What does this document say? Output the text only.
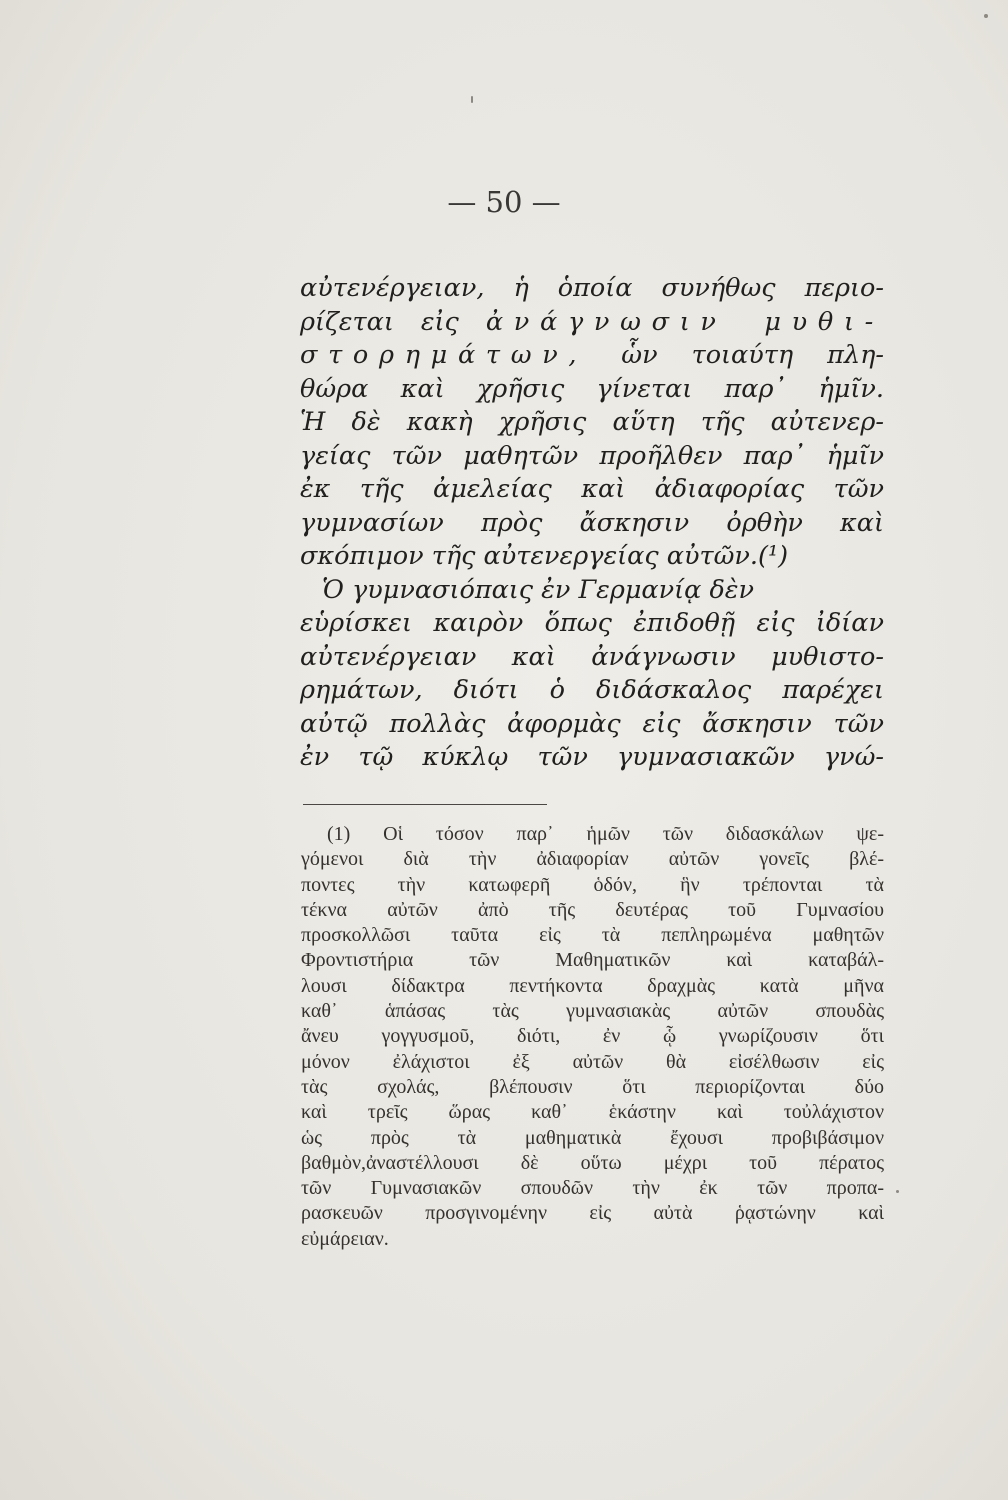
— 50 —
αὐτενέργειαν, ἡ ὁποία συνήθως περιο-
ρίζεται εἰς ἀνάγνωσιν μυθι-
στορημάτων, ὧν τοιαύτη πλη-
θώρα καὶ χρῆσις γίνεται παρ᾽ ἡμῖν.
Ἡ δὲ κακὴ χρῆσις αὕτη τῆς αὐτενερ-
γείας τῶν μαθητῶν προῆλθεν παρ᾽ ἡμῖν
ἐκ τῆς ἀμελείας καὶ ἀδιαφορίας τῶν
γυμνασίων πρὸς ἄσκησιν ὀρθὴν καὶ
σκόπιμον τῆς αὐτενεργείας αὐτῶν.(¹)
Ὁ γυμνασιόπαις ἐν Γερμανίᾳ δὲν
εὑρίσκει καιρὸν ὅπως ἐπιδοθῇ εἰς ἰδίαν
αὐτενέργειαν καὶ ἀνάγνωσιν μυθιστο-
ρημάτων, διότι ὁ διδάσκαλος παρέχει
αὐτῷ πολλὰς ἀφορμὰς εἰς ἄσκησιν τῶν
ἐν τῷ κύκλῳ τῶν γυμνασιακῶν γνώ-
(1) Οἱ τόσον παρ᾽ ἡμῶν τῶν διδασκάλων ψε-
γόμενοι διὰ τὴν ἀδιαφορίαν αὐτῶν γονεῖς βλέ-
ποντες τὴν κατωφερῆ ὁδόν, ἣν τρέπονται τὰ
τέκνα αὐτῶν ἀπὸ τῆς δευτέρας τοῦ Γυμνασίου
προσκολλῶσι ταῦτα εἰς τὰ πεπληρωμένα μαθητῶν
Φροντιστήρια τῶν Μαθηματικῶν καὶ καταβάλ-
λουσι δίδακτρα πεντήκοντα δραχμὰς κατὰ μῆνα
καθ᾽ ἁπάσας τὰς γυμνασιακὰς αὐτῶν σπουδὰς
ἄνευ γογγυσμοῦ, διότι, ἐν ᾧ γνωρίζουσιν ὅτι
μόνον ἐλάχιστοι ἐξ αὐτῶν θὰ εἰσέλθωσιν εἰς
τὰς σχολάς, βλέπουσιν ὅτι περιορίζονται δύο
καὶ τρεῖς ὥρας καθ᾽ ἑκάστην καὶ τοὐλάχιστον
ὡς πρὸς τὰ μαθηματικὰ ἔχουσι προβιβάσιμον
βαθμὸν,ἀναστέλλουσι δὲ οὕτω μέχρι τοῦ πέρατος
τῶν Γυμνασιακῶν σπουδῶν τὴν ἐκ τῶν προπα-
ρασκευῶν προσγινομένην εἰς αὐτὰ ῥᾳστώνην καὶ
εὐμάρειαν.
